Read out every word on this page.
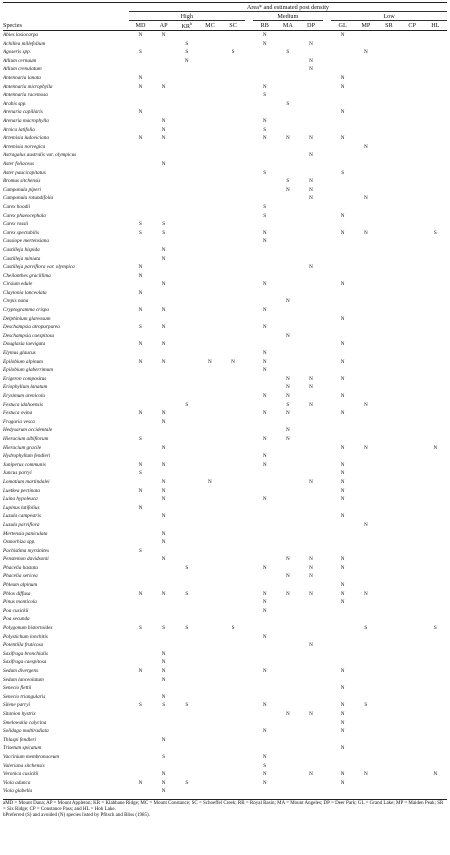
	Area* and estimated post density														
	High						Medium				Low				
Species	MD	AP	$KR^b$	MC	SC		RB	MA	DP		GL	MP	SR	CP	HL
Abies lasiocarpa	N	N					N				N				
Achillea millefolium			S				N		N						
Agoseris spp.	S		S		S			S				N			
Allium cernuum			N						N						
Allium crenulatum									N						
Antennaria lanata	N										N				
Antennaria microphylla	N	N					N				N				
Antennaria racemosa							S								
Arabis spp.								S							
Arenaria capillaris	N										N				
Arenaria macrophylla		N					N								
Arnica latifolia		N					S								
Artemisia ludoviciana	N	N					N	N	N		N				
Artemisia norvegica												N			
Astragalus australis var. olympicus									N						
Aster foliaceus		N													
Aster paucicapitatus							S				S				
Bromus sitchensis								S	N						
Campanula piperi								N	N						
Campanula rotundifolia									N			N			
Carex hoodii							S								
Carex phaeocephala							S				N				
Carex rossii	S	S													
Carex spectabilis	S	S					N				N	N			S
Cassiope mertensiana							N								
Castilleja hispida		N													
Castilleja miniata		N													
Castilleja parviflora var. olympica	N								N						
Cheilanthes gracillima	N														
Cirsium edule		N					N				N				
Claytonia lanceolata	N														
Crepis nana								N							
Cryptogramma crispa	N	N					N								
Delphinium glareosum											N				
Deschampsia atropurpurea	S	N					N								
Deschampsia caespitosa								N							
Douglasia laevigata	N	N									N				
Elymus glaucus							N								
Epilobium alpinum	N	N		N	N		N				N				
Epilobium glaberrimum							N								
Erigeron compositus								N	N		N				
Eriophyllum lanatum								N	N						
Erysimum arenicola							N	N			N				
Festuca idahoensis			S					S	N			N			
Festuca ovina	N	N					N	N			N				
Fragaria vesca		N													
Hedysarum occidentale								N							
Hieracium albiflorum	S						N	N							
Hieracium gracile		N									N	N			N
Hydrophyllum fendleri							N								
Juniperus communis	N	N					N				N				
Juncus parryi	S										N				
Lomatium martindalei		N		N					N		N				
Luetkea pectinata	N	N									N				
Luina hypoleuca		N					N				N				
Lupinus latifolius	N														
Luzula campestris		N									N				
Luzula parviflora												N			
Mertensia paniculata		N													
Osmorhiza spp.		N													
Pachistima myrsinites	S														
Penstemon davidsonii		N						N	N		N				
Phacelia hastata			S				N		N		N				
Phacelia sericea								N	N						
Phleum alpinum											N				
Phlox diffusa	N	N	S				N	N	N		N	N			
Pinus monticola							N				N				
Poa cusickii							N								
Poa secunda															
Polygonum bistortoides	S	S	S		S							S			S
Polystichum lonchitis							N								
Potentilla fruticosa									N						
Saxifraga bronchialis		N													
Saxifraga caespitosa		N													
Sedum divergens	N	N					N				N				
Sedum lanceolatum		N													
Senecio flettii											N				
Senecio triangularis		N													
Silene parryi	S	S	S				N				N	S			
Sitanion hystrix								N	N		N				
Smelowskia calycina											N				
Solidago multiradiata							N				N				
Thlaspi fendleri		N													
Trisetum spicatum											N				
Vaccinium membranaceum		S					N								
Valeriana sitchensis							S								
Veronica cusickii		N					N		N		N	N			N
Viola adunca	N	N	S				N				N				
Viola glabella		N													

aMD = Mount Dana; AP = Mount Appleton; KR = Klahhane Ridge; MC = Mount Constance; SC = Schoeffel Creek; RB = Royal Basin; MA = Mount Angeles; DP = Deer Park; GL = Grand Lake; MP = Maiden Peak; SR = Six Ridge; CP = Constance Pass; and HL = Hoh Lake.

bPreferred (S) and avoided (N) species listed by Pfitsch and Bliss (1985).
